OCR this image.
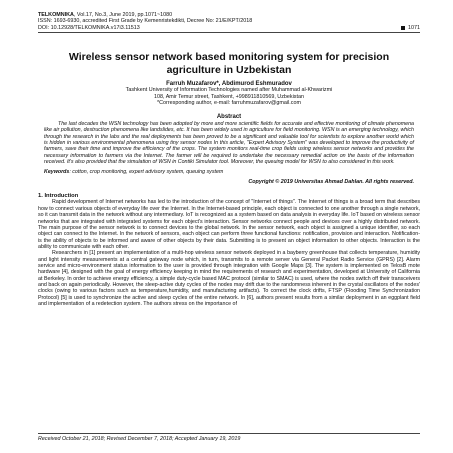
TELKOMNIKA, Vol.17, No.3, June 2019, pp.1071~1080
ISSN: 1693-6930, accredited First Grade by Kemenristekdikti, Decree No: 21/E/KPT/2018
DOI: 10.12928/TELKOMNIKA.v17i3.11513	1071
Wireless sensor network based monitoring system for precision agriculture in Uzbekistan
Farruh Muzafarov*, Abdimurod Eshmuradov
Tashkent University of Information Technologies named after Muhammad al-Khwarizmi
108, Amir Temur street, Tashkent, +998911810569, Uzbekistan
*Corresponding author, e-mail: farruhmuzafarov@gmail.com
Abstract
The last decades the WSN technology has been adopted by more and more scientific fields for accurate and effective monitoring of climate phenomena like air pollution, destruction phenomena like landslides, etc. It has been widely used in agriculture for field monitoring. WSN is an emerging technology, which through the research in the labs and the real deployments has been proved to be a significant and valuable tool for scientists to explore another world which is hidden in various environmental phenomena using tiny sensor nodes In this article, "Expert Advisory System" was developed to improve the productivity of farmers, save their time and improve the efficiency of the crops. The system monitors real-time crop fields using wireless sensor networks and provides the necessary information to farmers via the Internet. The farmer will be required to undertake the necessary remedial action on the basis of the information received. It's also provided that the simulation of WSN in Contiki Simulator tool. Moreover, the queuing model for WSN to also considered in this work.
Keywords: cotton, crop monitoring, expert advisory system, queuing system
Copyright © 2019 Universitas Ahmad Dahlan. All rights reserved.
1. Introduction

Rapid development of Internet networks has led to the introduction of the concept of "Internet of things". The Internet of things is a broad term that describes how to connect various objects of everyday life over the Internet. In the Internet-based principle, each object is connected to one another through a single network, so it can transmit data in the network without any intermediary. IoT is recognized as a system based on data analysis in everyday life. IoT based on wireless sensor networks that are integrated with integrated systems for each object's interaction. Sensor networks connect people and devices over a highly distributed network. The main purpose of the sensor network is to connect devices to the global network. In the sensor network, each object is assigned a unique identifier, so each object can connect to the Internet. In the network of sensors, each object can perform three functional functions: notification, provision and interaction. Notification-is the ability of objects to be informed and aware of other objects by their data. Submitting is to present an object information to other objects. Interaction is the ability to communicate with each other.

Researchers in [1] present an implementation of a multi-hop wireless sensor network deployed in a bayberry greenhouse that collects temperature, humidity and light intensity measurements at a central gateway node which, in turn, transmits to a remote server via General Packet Radio Service (GPRS) [2]. Alarm service and micro-environment status information to the user is provided through integration with Google Maps [3]. The system is implemented on TelosB mote hardware [4], designed with the goal of energy efficiency keeping in mind the requirements of research and experimentation, developed at University of California at Berkeley. In order to achieve energy efficiency, a simple duty-cycle based MAC protocol (similar to SMAC) is used, where the nodes switch off their transceivers and back on again periodically. However, the sleep-active duty cycles of the nodes may drift due to the randomness inherent in the crystal oscillators of the nodes' clocks (owing to various factors such as temperature,humidity, and manufacturing artifacts). To correct the clock drifts, FTSP (Flooding Time Synchronization Protocol) [5] is used to synchronize the active and sleep cycles of the entire network. In [6], authors present results from a similar deployment in an eggplant field and implementation of a redetection system. The authors stress on the importance of

Received October 21, 2018; Revised December 7, 2018; Accepted January 19, 2019
